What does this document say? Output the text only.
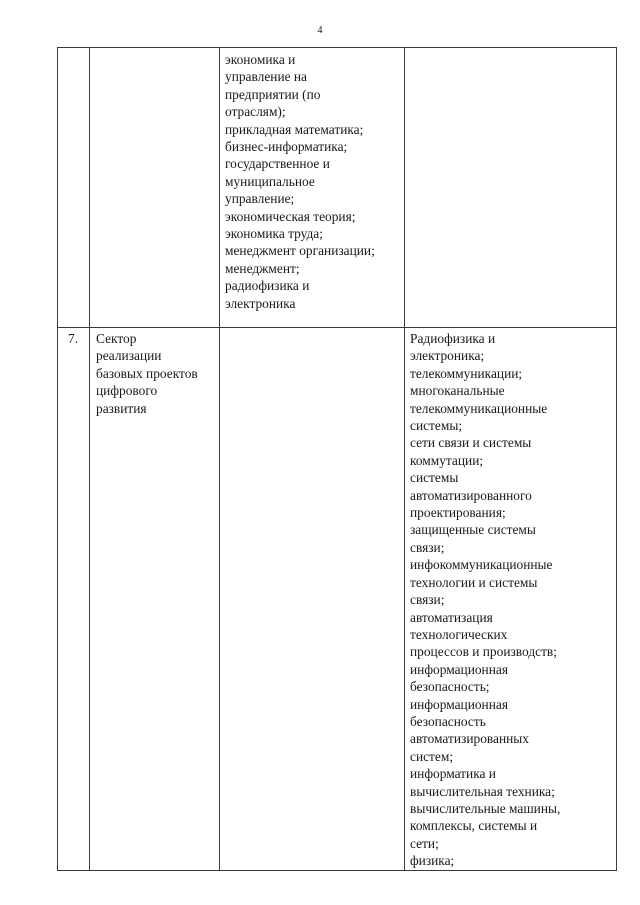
4
экономика и
управление на
предприятии (по
отраслям);
прикладная математика;
бизнес-информатика;
государственное и
муниципальное
управление;
экономическая теория;
экономика труда;
менеджмент организации;
менеджмент;
радиофизика и
электроника
7. Сектор
реализации
базовых проектов
цифрового
развития
Радиофизика и
электроника;
телекоммуникации;
многоканальные
телекоммуникационные
системы;
сети связи и системы
коммутации;
системы
автоматизированного
проектирования;
защищенные системы
связи;
инфокоммуникационные
технологии и системы
связи;
автоматизация
технологических
процессов и производств;
информационная
безопасность;
информационная
безопасность
автоматизированных
систем;
информатика и
вычислительная техника;
вычислительные машины,
комплексы, системы и
сети;
физика;
